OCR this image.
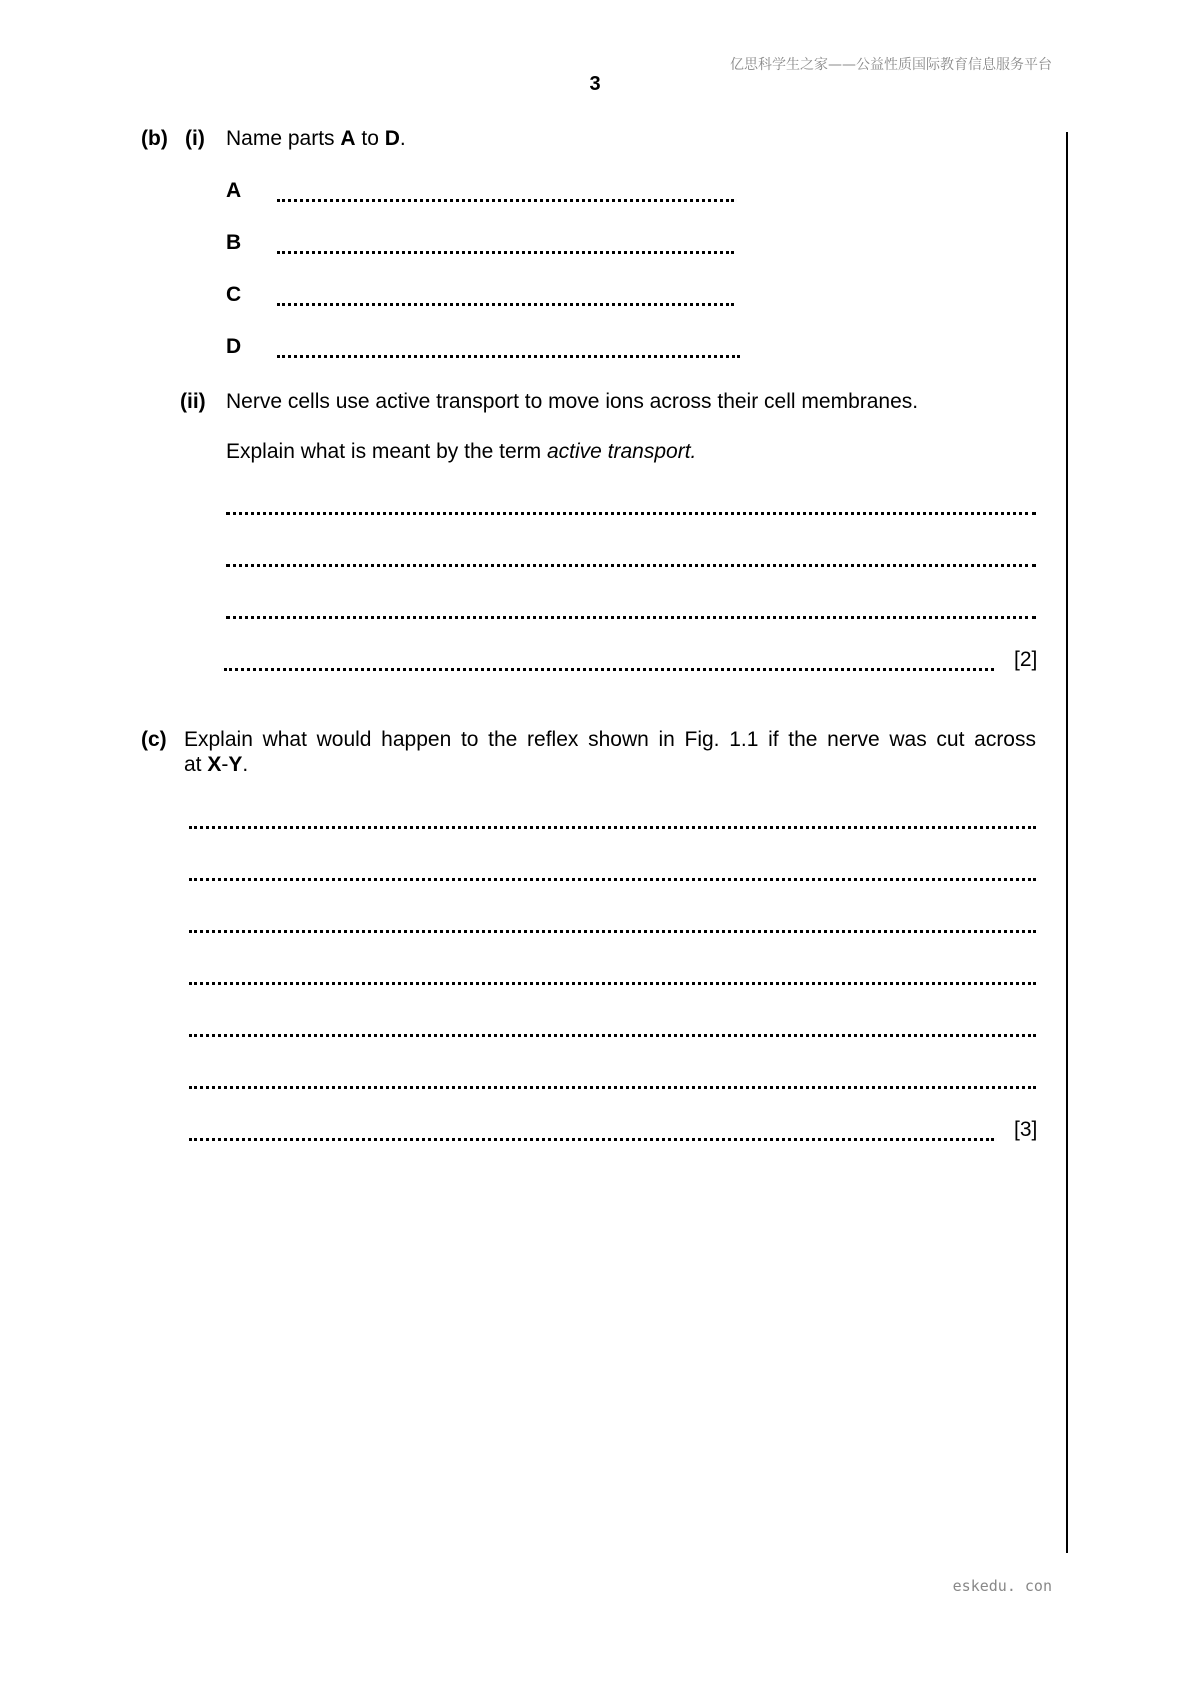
亿思科学生之家——公益性质国际教育信息服务平台
3
(b) (i) Name parts A to D.
A
B
C
D
(ii) Nerve cells use active transport to move ions across their cell membranes.
Explain what is meant by the term active transport.
[2]
(c) Explain what would happen to the reflex shown in Fig. 1.1 if the nerve was cut across
at X-Y.
[3]
eskedu. con
